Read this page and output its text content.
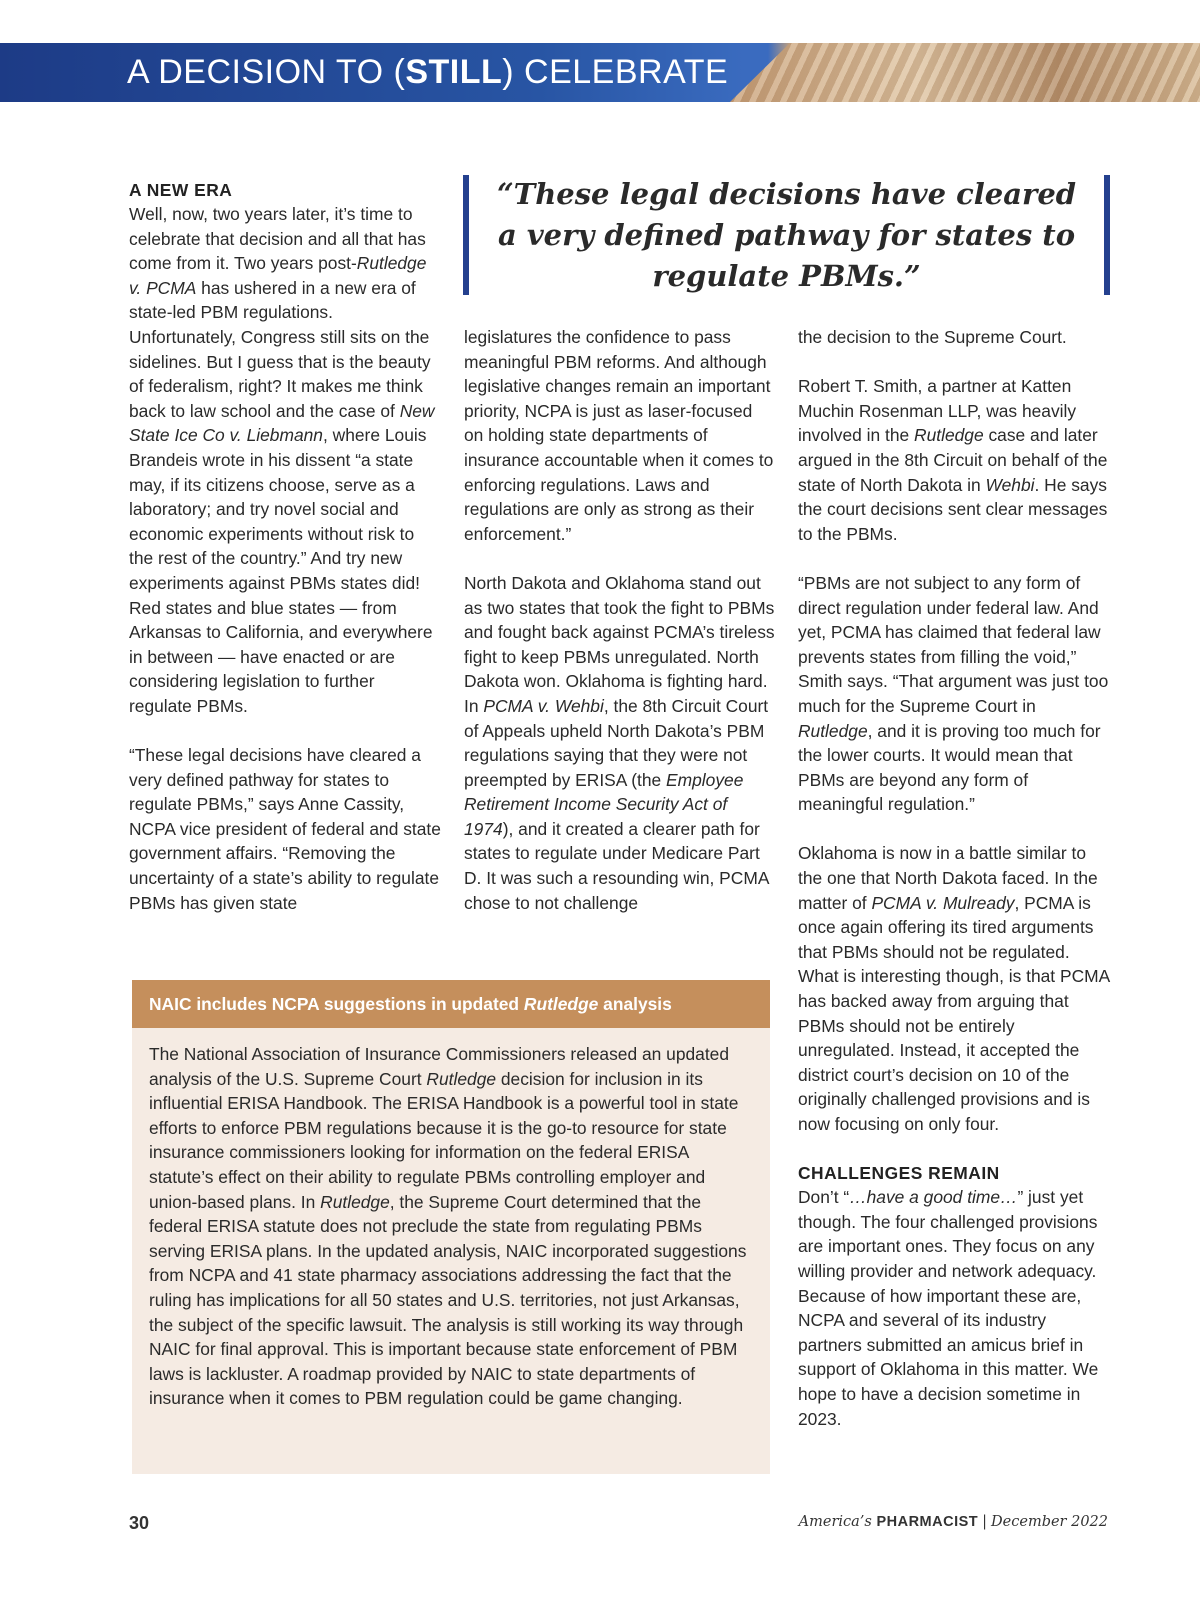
A DECISION TO (STILL) CELEBRATE
A NEW ERA

Well, now, two years later, it’s time to celebrate that decision and all that has come from it. Two years post-Rutledge v. PCMA has ushered in a new era of state-led PBM regulations. Unfortunately, Congress still sits on the sidelines. But I guess that is the beauty of federalism, right? It makes me think back to law school and the case of New State Ice Co v. Liebmann, where Louis Brandeis wrote in his dissent “a state may, if its citizens choose, serve as a laboratory; and try novel social and economic experiments without risk to the rest of the country.” And try new experiments against PBMs states did! Red states and blue states — from Arkansas to California, and everywhere in between — have enacted or are considering legislation to further regulate PBMs.

“These legal decisions have cleared a very defined pathway for states to regulate PBMs,” says Anne Cassity, NCPA vice president of federal and state government affairs. “Removing the uncertainty of a state’s ability to regulate PBMs has given state

“These legal decisions have cleared a very defined pathway for states to regulate PBMs.”

legislatures the confidence to pass meaningful PBM reforms. And although legislative changes remain an important priority, NCPA is just as laser-focused on holding state departments of insurance accountable when it comes to enforcing regulations. Laws and regulations are only as strong as their enforcement.”

North Dakota and Oklahoma stand out as two states that took the fight to PBMs and fought back against PCMA’s tireless fight to keep PBMs unregulated. North Dakota won. Oklahoma is fighting hard. In PCMA v. Wehbi, the 8th Circuit Court of Appeals upheld North Dakota’s PBM regulations saying that they were not preempted by ERISA (the Employee Retirement Income Security Act of 1974), and it created a clearer path for states to regulate under Medicare Part D. It was such a resounding win, PCMA chose to not challenge

the decision to the Supreme Court.

Robert T. Smith, a partner at Katten Muchin Rosenman LLP, was heavily involved in the Rutledge case and later argued in the 8th Circuit on behalf of the state of North Dakota in Wehbi. He says the court decisions sent clear messages to the PBMs.

“PBMs are not subject to any form of direct regulation under federal law. And yet, PCMA has claimed that federal law prevents states from filling the void,” Smith says. “That argument was just too much for the Supreme Court in Rutledge, and it is proving too much for the lower courts. It would mean that PBMs are beyond any form of meaningful regulation.”

Oklahoma is now in a battle similar to the one that North Dakota faced. In the matter of PCMA v. Mulready, PCMA is once again offering its tired arguments that PBMs should not be regulated. What is interesting though, is that PCMA has backed away from arguing that PBMs should not be entirely unregulated. Instead, it accepted the district court’s decision on 10 of the originally challenged provisions and is now focusing on only four.

CHALLENGES REMAIN

Don’t “…have a good time…” just yet though. The four challenged provisions are important ones. They focus on any willing provider and network adequacy. Because of how important these are, NCPA and several of its industry partners submitted an amicus brief in support of Oklahoma in this matter. We hope to have a decision sometime in 2023.

NAIC includes NCPA suggestions in updated Rutledge analysis
The National Association of Insurance Commissioners released an updated analysis of the U.S. Supreme Court Rutledge decision for inclusion in its influential ERISA Handbook. The ERISA Handbook is a powerful tool in state efforts to enforce PBM regulations because it is the go-to resource for state insurance commissioners looking for information on the federal ERISA statute’s effect on their ability to regulate PBMs controlling employer and union-based plans. In Rutledge, the Supreme Court determined that the federal ERISA statute does not preclude the state from regulating PBMs serving ERISA plans. In the updated analysis, NAIC incorporated suggestions from NCPA and 41 state pharmacy associations addressing the fact that the ruling has implications for all 50 states and U.S. territories, not just Arkansas, the subject of the specific lawsuit. The analysis is still working its way through NAIC for final approval. This is important because state enforcement of PBM laws is lackluster. A roadmap provided by NAIC to state departments of insurance when it comes to PBM regulation could be game changing.
30	America’s PHARMACIST | December 2022
